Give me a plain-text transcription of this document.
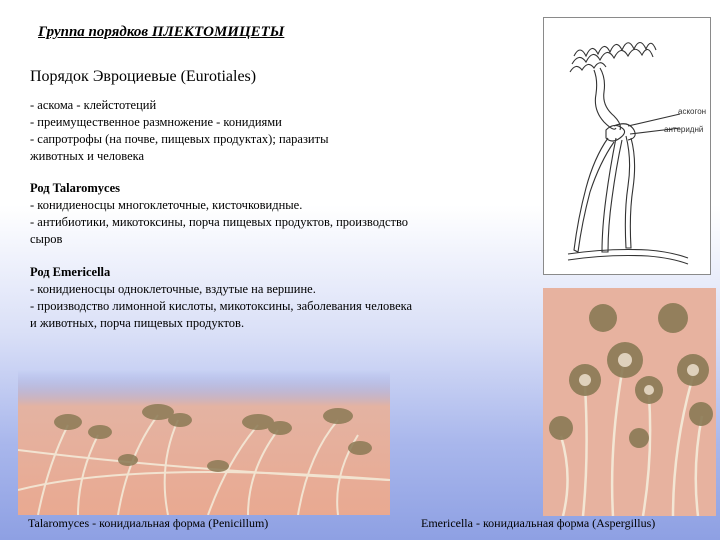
Группа порядков ПЛЕКТОМИЦЕТЫ
Порядок Эвроциевые (Eurotiales)
- аскома - клейстотеций
- преимущественное размножение - конидиями
- сапротрофы (на почве, пищевых продуктах); паразиты
животных и человека
Род Talaromyces
- конидиеносцы многоклеточные, кисточковидные.
- антибиотики, микотоксины, порча пищевых продуктов, производство
сыров
Род Emericella
- конидиеносцы одноклеточные, вздутые на вершине.
- производство лимонной кислоты, микотоксины, заболевания человека
и животных, порча пищевых продуктов.
аскогон
антериднй
Talaromyces - конидиальная форма (Penicillum)	Emericella - конидиальная форма (Aspergillus)
